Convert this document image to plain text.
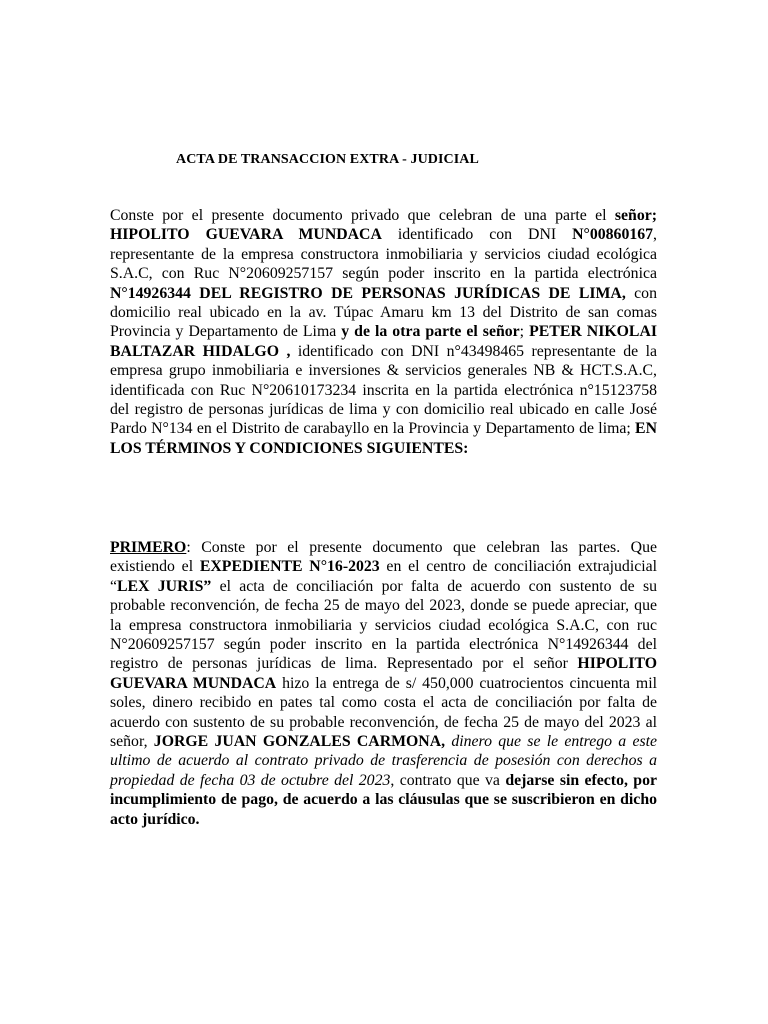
ACTA DE TRANSACCION EXTRA - JUDICIAL
Conste por el presente documento privado que celebran de una parte el señor; HIPOLITO GUEVARA MUNDACA identificado con DNI N°00860167, representante de la empresa constructora inmobiliaria y servicios ciudad ecológica S.A.C, con Ruc N°20609257157 según poder inscrito en la partida electrónica N°14926344 DEL REGISTRO DE PERSONAS JURÍDICAS DE LIMA, con domicilio real ubicado en la av. Túpac Amaru km 13 del Distrito de san comas Provincia y Departamento de Lima y de la otra parte el señor; PETER NIKOLAI BALTAZAR HIDALGO , identificado con DNI n°43498465 representante de la empresa grupo inmobiliaria e inversiones & servicios generales NB & HCT.S.A.C, identificada con Ruc N°20610173234 inscrita en la partida electrónica n°15123758 del registro de personas jurídicas de lima y con domicilio real ubicado en calle José Pardo N°134 en el Distrito de carabayllo en la Provincia y Departamento de lima; EN LOS TÉRMINOS Y CONDICIONES SIGUIENTES:
PRIMERO: Conste por el presente documento que celebran las partes. Que existiendo el EXPEDIENTE N°16-2023 en el centro de conciliación extrajudicial “LEX JURIS” el acta de conciliación por falta de acuerdo con sustento de su probable reconvención, de fecha 25 de mayo del 2023, donde se puede apreciar, que la empresa constructora inmobiliaria y servicios ciudad ecológica S.A.C, con ruc N°20609257157 según poder inscrito en la partida electrónica N°14926344 del registro de personas jurídicas de lima. Representado por el señor HIPOLITO GUEVARA MUNDACA hizo la entrega de s/ 450,000 cuatrocientos cincuenta mil soles, dinero recibido en pates tal como costa el acta de conciliación por falta de acuerdo con sustento de su probable reconvención, de fecha 25 de mayo del 2023 al señor, JORGE JUAN GONZALES CARMONA, dinero que se le entrego a este ultimo de acuerdo al contrato privado de trasferencia de posesión con derechos a propiedad de fecha 03 de octubre del 2023, contrato que va dejarse sin efecto, por incumplimiento de pago, de acuerdo a las cláusulas que se suscribieron en dicho acto jurídico.
